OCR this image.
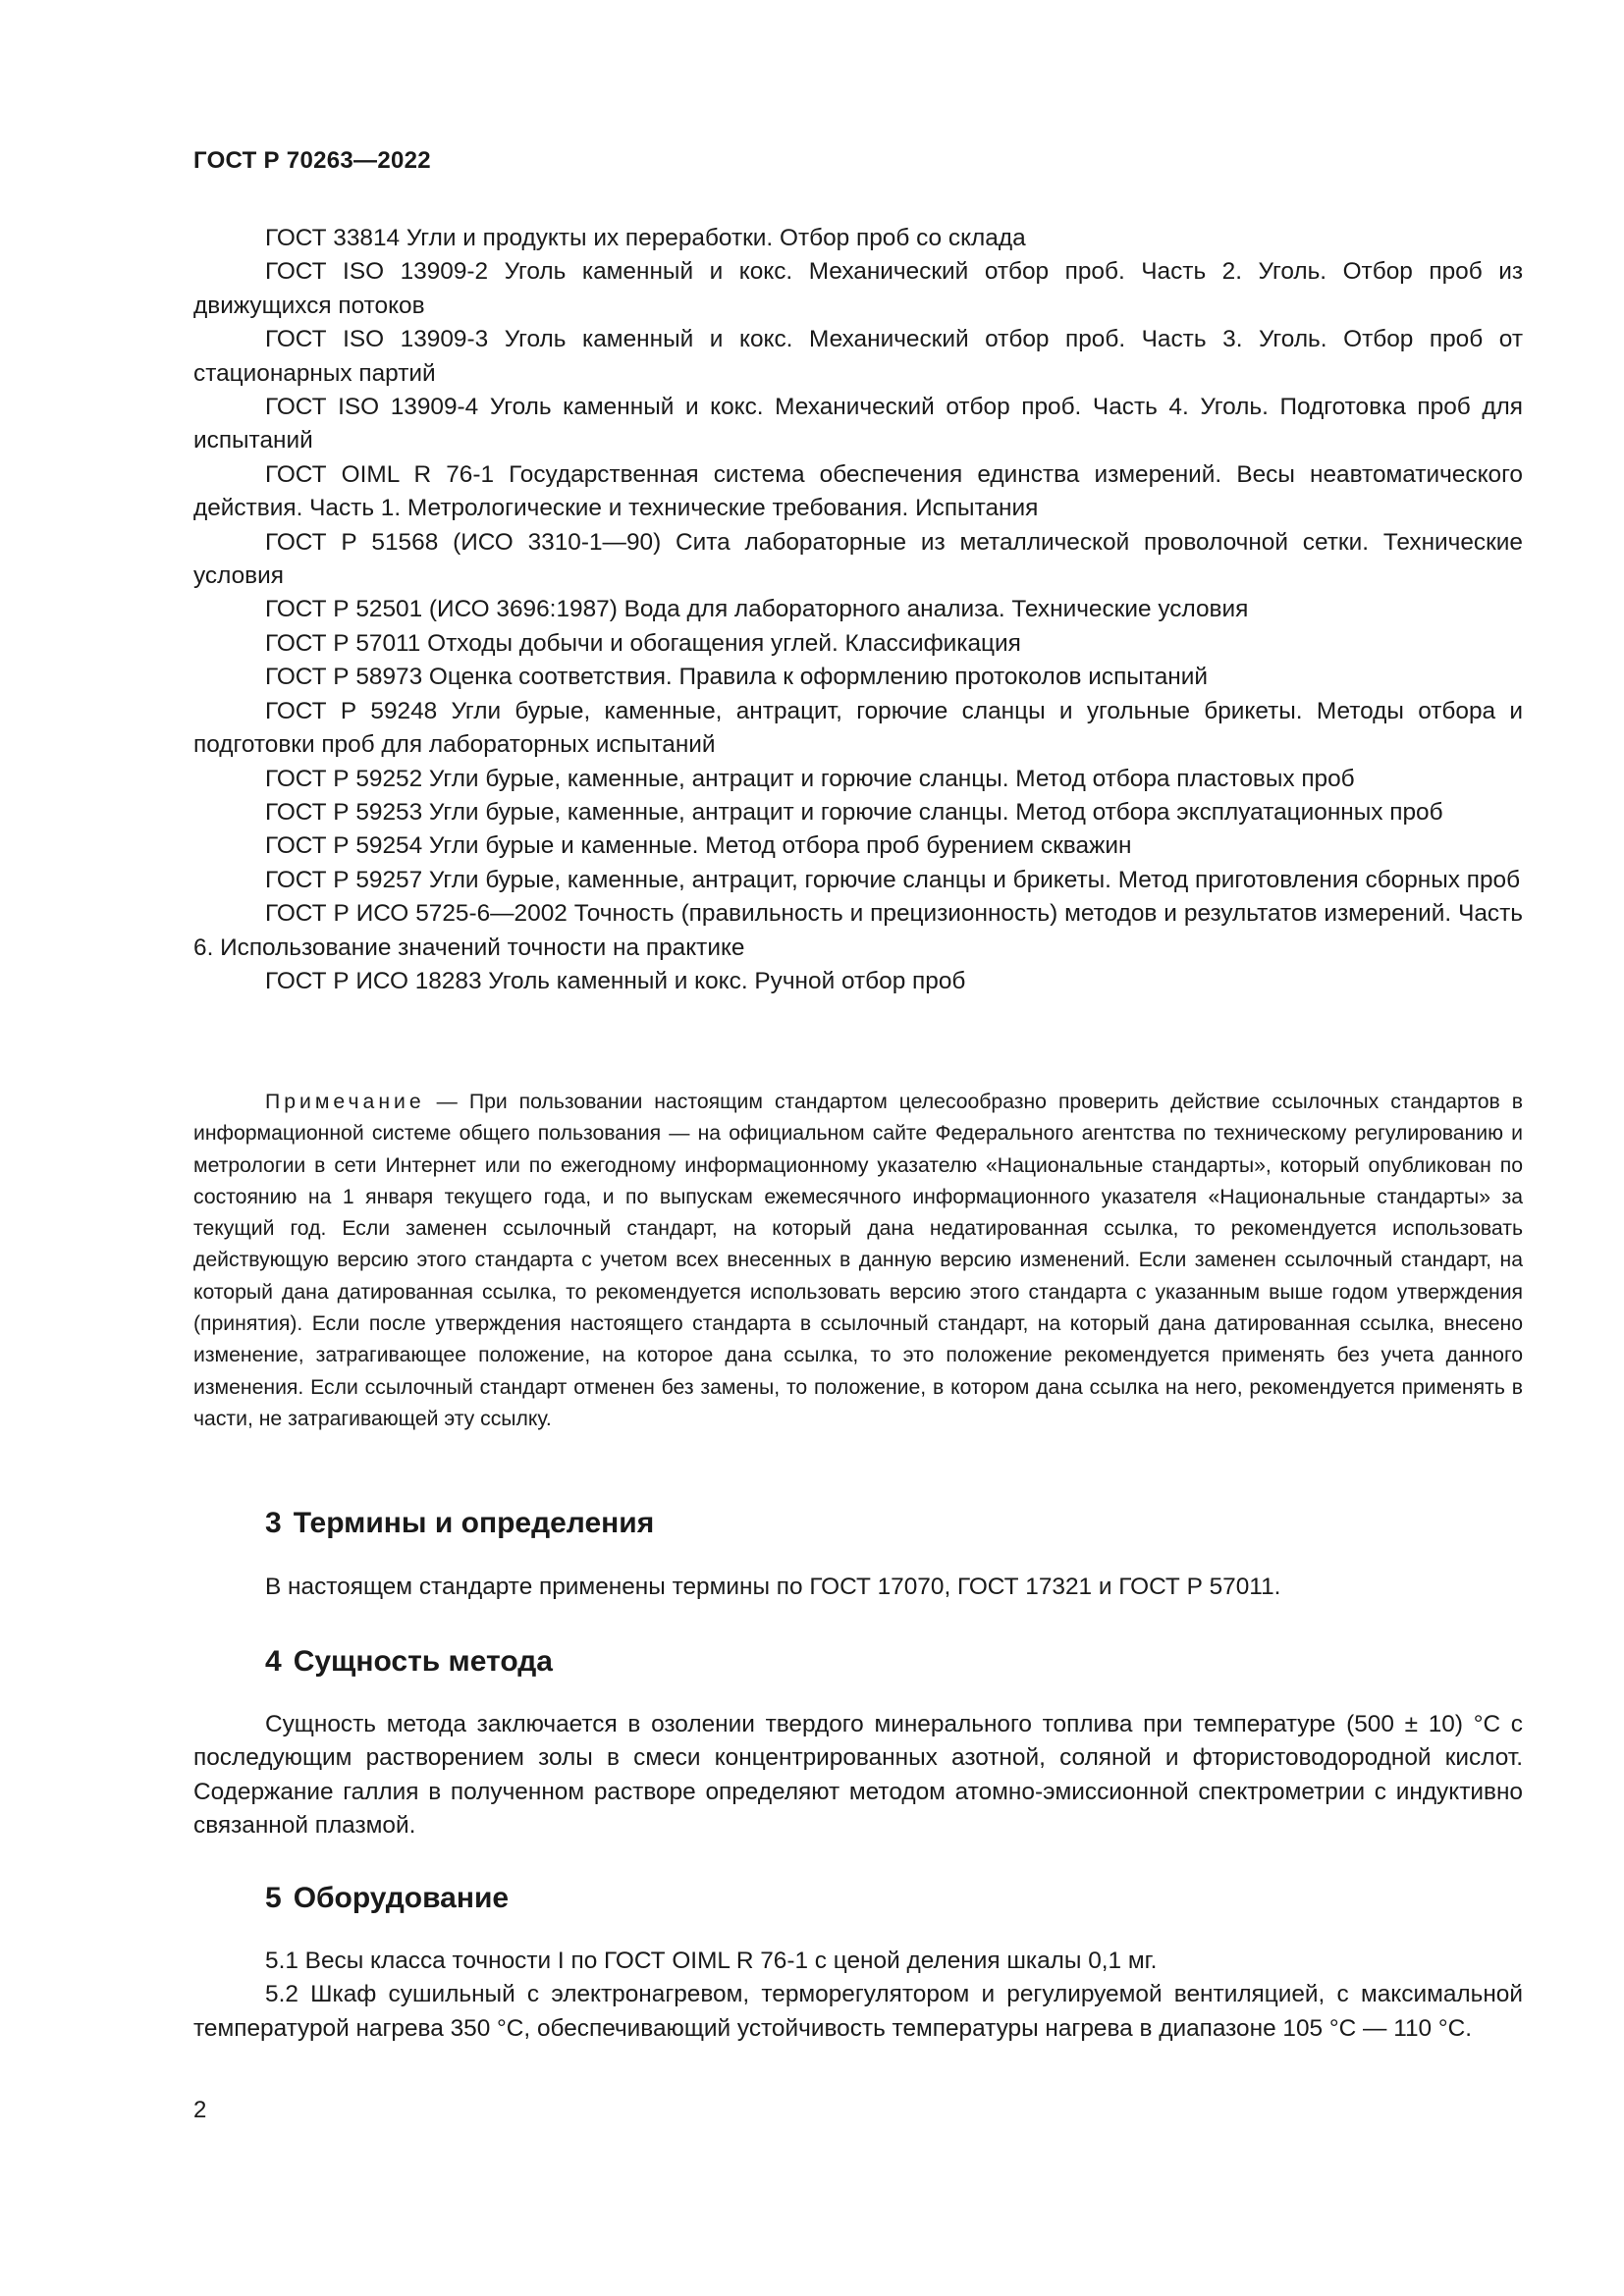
ГОСТ Р 70263—2022

ГОСТ 33814 Угли и продукты их переработки. Отбор проб со склада

ГОСТ ISO 13909-2 Уголь каменный и кокс. Механический отбор проб. Часть 2. Уголь. Отбор проб из движущихся потоков

ГОСТ ISO 13909-3 Уголь каменный и кокс. Механический отбор проб. Часть 3. Уголь. Отбор проб от стационарных партий

ГОСТ ISO 13909-4 Уголь каменный и кокс. Механический отбор проб. Часть 4. Уголь. Подготовка проб для испытаний

ГОСТ OIML R 76-1 Государственная система обеспечения единства измерений. Весы неавтоматического действия. Часть 1. Метрологические и технические требования. Испытания

ГОСТ Р 51568 (ИСО 3310-1—90) Сита лабораторные из металлической проволочной сетки. Технические условия

ГОСТ Р 52501 (ИСО 3696:1987) Вода для лабораторного анализа. Технические условия

ГОСТ Р 57011 Отходы добычи и обогащения углей. Классификация

ГОСТ Р 58973 Оценка соответствия. Правила к оформлению протоколов испытаний

ГОСТ Р 59248 Угли бурые, каменные, антрацит, горючие сланцы и угольные брикеты. Методы отбора и подготовки проб для лабораторных испытаний

ГОСТ Р 59252 Угли бурые, каменные, антрацит и горючие сланцы. Метод отбора пластовых проб

ГОСТ Р 59253 Угли бурые, каменные, антрацит и горючие сланцы. Метод отбора эксплуатационных проб

ГОСТ Р 59254 Угли бурые и каменные. Метод отбора проб бурением скважин

ГОСТ Р 59257 Угли бурые, каменные, антрацит, горючие сланцы и брикеты. Метод приготовления сборных проб

ГОСТ Р ИСО 5725-6—2002 Точность (правильность и прецизионность) методов и результатов измерений. Часть 6. Использование значений точности на практике

ГОСТ Р ИСО 18283 Уголь каменный и кокс. Ручной отбор проб

Примечание — При пользовании настоящим стандартом целесообразно проверить действие ссылочных стандартов в информационной системе общего пользования — на официальном сайте Федерального агентства по техническому регулированию и метрологии в сети Интернет или по ежегодному информационному указателю «Национальные стандарты», который опубликован по состоянию на 1 января текущего года, и по выпускам ежемесячного информационного указателя «Национальные стандарты» за текущий год. Если заменен ссылочный стандарт, на который дана недатированная ссылка, то рекомендуется использовать действующую версию этого стандарта с учетом всех внесенных в данную версию изменений. Если заменен ссылочный стандарт, на который дана датированная ссылка, то рекомендуется использовать версию этого стандарта с указанным выше годом утверждения (принятия). Если после утверждения настоящего стандарта в ссылочный стандарт, на который дана датированная ссылка, внесено изменение, затрагивающее положение, на которое дана ссылка, то это положение рекомендуется применять без учета данного изменения. Если ссылочный стандарт отменен без замены, то положение, в котором дана ссылка на него, рекомендуется применять в части, не затрагивающей эту ссылку.

3 Термины и определения

В настоящем стандарте применены термины по ГОСТ 17070, ГОСТ 17321 и ГОСТ Р 57011.

4 Сущность метода

Сущность метода заключается в озолении твердого минерального топлива при температуре (500 ± 10) °С с последующим растворением золы в смеси концентрированных азотной, соляной и фтористоводородной кислот. Содержание галлия в полученном растворе определяют методом атомно-эмиссионной спектрометрии с индуктивно связанной плазмой.

5 Оборудование

5.1 Весы класса точности I по ГОСТ OIML R 76-1 с ценой деления шкалы 0,1 мг.

5.2 Шкаф сушильный с электронагревом, терморегулятором и регулируемой вентиляцией, с максимальной температурой нагрева 350 °С, обеспечивающий устойчивость температуры нагрева в диапазоне 105 °С — 110 °С.

2
